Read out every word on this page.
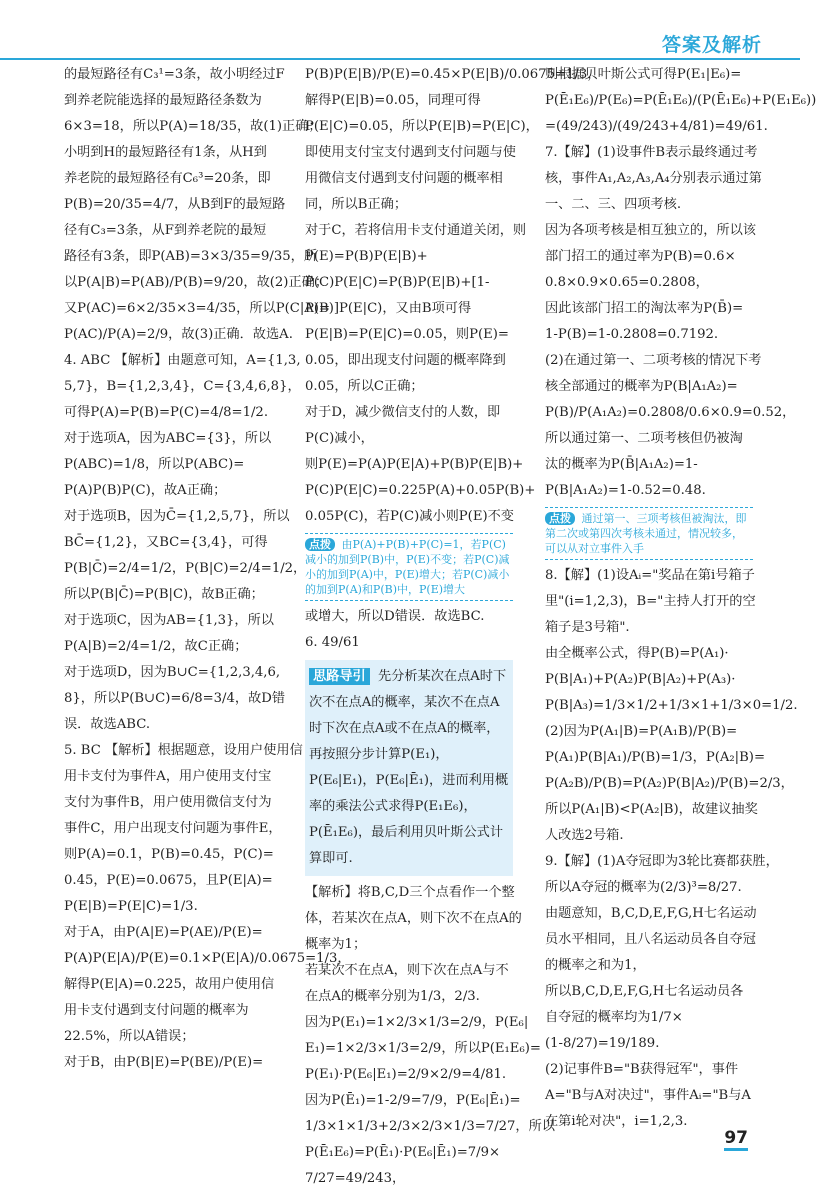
答案及解析
的最短路径有C₃¹=3条，故小明经过F
到养老院能选择的最短路径条数为
6×3=18，所以P(A)=18/35，故(1)正确；
小明到H的最短路径有1条，从H到
养老院的最短路径有C₆³=20条，即
P(B)=20/35=4/7，从B到F的最短路
径有C₃=3条，从F到养老院的最短
路径有3条，即P(AB)=3×3/35=9/35，所
以P(A|B)=P(AB)/P(B)=9/20，故(2)正确；
又P(AC)=6×2/35×3=4/35，所以P(C|A)=
P(AC)/P(A)=2/9，故(3)正确．故选A.
4. ABC 【解析】由题意可知，A={1,3,
5,7}，B={1,2,3,4}，C={3,4,6,8}，
可得P(A)=P(B)=P(C)=4/8=1/2.
对于选项A，因为ABC={3}，所以
P(ABC)=1/8，所以P(ABC)=
P(A)P(B)P(C)，故A正确；
对于选项B，因为C̄={1,2,5,7}，所以
BC̄={1,2}，又BC={3,4}，可得
P(B|C̄)=2/4=1/2，P(B|C)=2/4=1/2，
所以P(B|C̄)=P(B|C)，故B正确；
对于选项C，因为AB={1,3}，所以
P(A|B)=2/4=1/2，故C正确；
对于选项D，因为B∪C={1,2,3,4,6,
8}，所以P(B∪C)=6/8=3/4，故D错
误．故选ABC.
5. BC 【解析】根据题意，设用户使用信
用卡支付为事件A，用户使用支付宝
支付为事件B，用户使用微信支付为
事件C，用户出现支付问题为事件E，
则P(A)=0.1，P(B)=0.45，P(C)=
0.45，P(E)=0.0675，且P(E|A)=
P(E|B)=P(E|C)=1/3.
对于A，由P(A|E)=P(AE)/P(E)=
P(A)P(E|A)/P(E)=0.1×P(E|A)/0.0675=1/3，
解得P(E|A)=0.225，故用户使用信
用卡支付遇到支付问题的概率为
22.5%，所以A错误；
对于B，由P(B|E)=P(BE)/P(E)=
P(B)P(E|B)/P(E)=0.45×P(E|B)/0.0675=1/3，
解得P(E|B)=0.05，同理可得
P(E|C)=0.05，所以P(E|B)=P(E|C)，
即使用支付宝支付遇到支付问题与使
用微信支付遇到支付问题的概率相
同，所以B正确；
对于C，若将信用卡支付通道关闭，则
P(E)=P(B)P(E|B)+
P(C)P(E|C)=P(B)P(E|B)+[1-
P(B)]P(E|C)，又由B项可得
P(E|B)=P(E|C)=0.05，则P(E)=
0.05，即出现支付问题的概率降到
0.05，所以C正确；
对于D，减少微信支付的人数，即
P(C)减小，
则P(E)=P(A)P(E|A)+P(B)P(E|B)+
P(C)P(E|C)=0.225P(A)+0.05P(B)+
0.05P(C)，若P(C)减小则P(E)不变
点拨 由P(A)+P(B)+P(C)=1，若P(C)减小的加到P(B)中，P(E)不变；若P(C)减小的加到P(A)中，P(E)增大；若P(C)减小的加到P(A)和P(B)中，P(E)增大
或增大，所以D错误．故选BC.
6. 49/61
思路导引 先分析某次在点A时下次不在点A的概率，某次不在点A时下次在点A或不在点A的概率，再按照分步计算P(E₁)，P(E₆|E₁)，P(E₆|Ē₁)，进而利用概率的乘法公式求得P(E₁E₆)，P(Ē₁E₆)，最后利用贝叶斯公式计算即可.
【解析】将B,C,D三个点看作一个整
体，若某次在点A，则下次不在点A的
概率为1；
若某次不在点A，则下次在点A与不
在点A的概率分别为1/3，2/3.
因为P(E₁)=1×2/3×1/3=2/9，P(E₆|
E₁)=1×2/3×1/3=2/9，所以P(E₁E₆)=
P(E₁)·P(E₆|E₁)=2/9×2/9=4/81.
因为P(Ē₁)=1-2/9=7/9，P(E₆|Ē₁)=
1/3×1×1/3+2/3×2/3×1/3=7/27，所以
P(Ē₁E₆)=P(Ē₁)·P(E₆|Ē₁)=7/9×
7/27=49/243，
则根据贝叶斯公式可得P(E₁|E₆)=
P(Ē₁E₆)/P(E₆)=P(Ē₁E₆)/(P(Ē₁E₆)+P(E₁E₆))
=(49/243)/(49/243+4/81)=49/61.
7.【解】(1)设事件B表示最终通过考
核，事件A₁,A₂,A₃,A₄分别表示通过第
一、二、三、四项考核.
因为各项考核是相互独立的，所以该
部门招工的通过率为P(B)=0.6×
0.8×0.9×0.65=0.2808，
因此该部门招工的淘汰率为P(B̄)=
1-P(B)=1-0.2808=0.7192.
(2)在通过第一、二项考核的情况下考
核全部通过的概率为P(B|A₁A₂)=
P(B)/P(A₁A₂)=0.2808/0.6×0.9=0.52，
所以通过第一、二项考核但仍被淘
汰的概率为P(B̄|A₁A₂)=1-
P(B|A₁A₂)=1-0.52=0.48.
点拨 通过第一、三项考核但被淘汰，即第二次或第四次考核未通过，情况较多，可以从对立事件入手
8.【解】(1)设Aᵢ="奖品在第i号箱子
里"(i=1,2,3)，B="主持人打开的空
箱子是3号箱".
由全概率公式，得P(B)=P(A₁)·
P(B|A₁)+P(A₂)P(B|A₂)+P(A₃)·
P(B|A₃)=1/3×1/2+1/3×1+1/3×0=1/2.
(2)因为P(A₁|B)=P(A₁B)/P(B)=
P(A₁)P(B|A₁)/P(B)=1/3，P(A₂|B)=
P(A₂B)/P(B)=P(A₂)P(B|A₂)/P(B)=2/3，
所以P(A₁|B)<P(A₂|B)，故建议抽奖
人改选2号箱.
9.【解】(1)A夺冠即为3轮比赛都获胜，
所以A夺冠的概率为(2/3)³=8/27.
由题意知，B,C,D,E,F,G,H七名运动
员水平相同，且八名运动员各自夺冠
的概率之和为1，
所以B,C,D,E,F,G,H七名运动员各
自夺冠的概率均为1/7×
(1-8/27)=19/189.
(2)记事件B="B获得冠军"，事件
A="B与A对决过"，事件Aᵢ="B与A
在第i轮对决"，i=1,2,3.
97
